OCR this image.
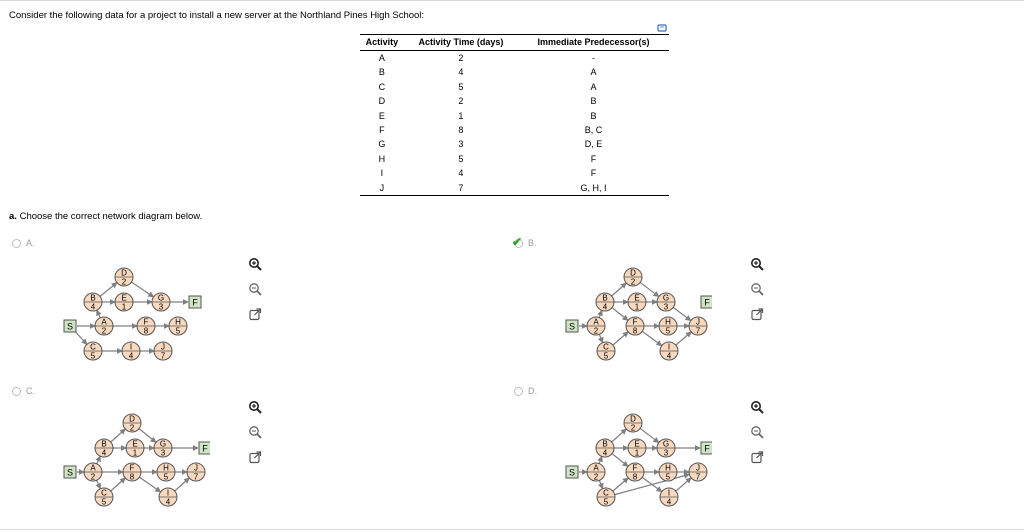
Consider the following data for a project to install a new server at the Northland Pines High School:
Activity	Activity Time (days)	Immediate Predecessor(s)
A	2	-
B	4	A
C	5	A
D	2	B
E	1	B
F	8	B, C
G	3	D, E
H	5	F
I	4	F
J	7	G, H, I
a. Choose the correct network diagram below.
A.
S
F
A
2
B
4
C
5
D
2
E
1
F
8
G
3
H
5
I
4
J
7
✔ B.
S
F
A
2
B
4
C
5
D
2
E
1
F
8
G
3
H
5
I
4
J
7
C.
S
F
A
2
B
4
C
5
D
2
E
1
F
8
G
3
H
5
I
4
J
7
D.
S
F
A
2
B
4
C
5
D
2
E
1
F
8
G
3
H
5
I
4
J
7
